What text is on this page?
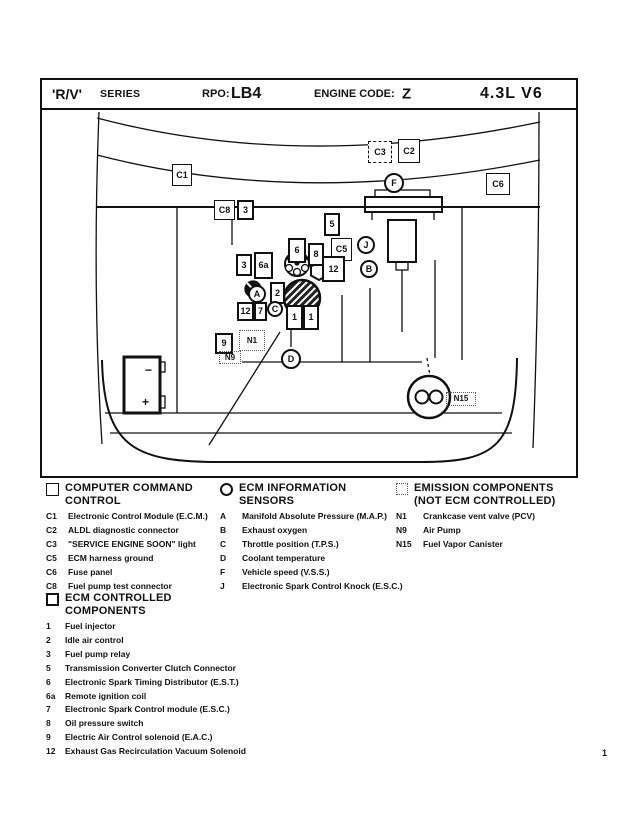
'R/V' SERIES	RPO: LB4	ENGINE CODE: Z	4.3L V6
C1
C3	C2
F	C6
C8	3
5
6	8	C5	J
12	B
3	6a
A	2
C
12 7
1	1
9	N1
N9	D
N15
−
+
COMPUTER COMMAND
CONTROL
C1	Electronic Control Module (E.C.M.)
C2	ALDL diagnostic connector
C3	"SERVICE ENGINE SOON" light
C5	ECM harness ground
C6	Fuse panel
C8	Fuel pump test connector
ECM INFORMATION
SENSORS
A	Manifold Absolute Pressure (M.A.P.)
B	Exhaust oxygen
C	Throttle position (T.P.S.)
D	Coolant temperature
F	Vehicle speed (V.S.S.)
J	Electronic Spark Control Knock (E.S.C.)
EMISSION COMPONENTS
(NOT ECM CONTROLLED)
N1	Crankcase vent valve (PCV)
N9	Air Pump
N15	Fuel Vapor Canister
ECM CONTROLLED
COMPONENTS
1	Fuel injector
2	Idle air control
3	Fuel pump relay
5	Transmission Converter Clutch Connector
6	Electronic Spark Timing Distributor (E.S.T.)
6a	Remote ignition coil
7	Electronic Spark Control module (E.S.C.)
8	Oil pressure switch
9	Electric Air Control solenoid (E.A.C.)
12	Exhaust Gas Recirculation Vacuum Solenoid	1
